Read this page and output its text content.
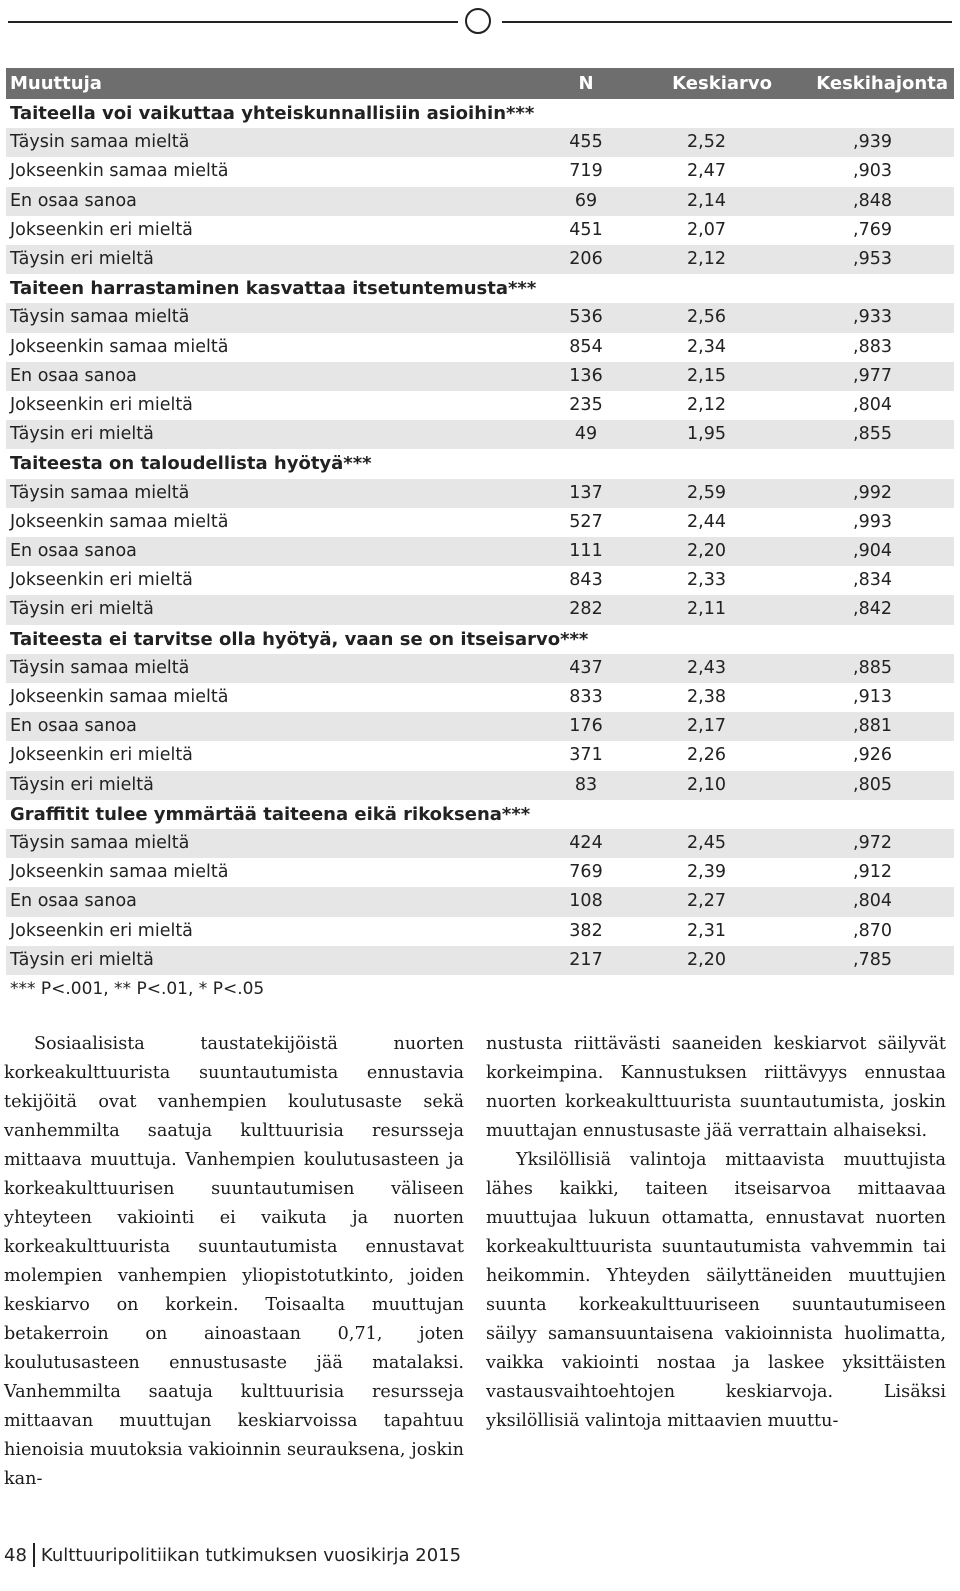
Muuttuja	N	Keskiarvo	Keskihajonta
Taiteella voi vaikuttaa yhteiskunnallisiin asioihin***			
Täysin samaa mieltä	455	2,52	,939
Jokseenkin samaa mieltä	719	2,47	,903
En osaa sanoa	69	2,14	,848
Jokseenkin eri mieltä	451	2,07	,769
Täysin eri mieltä	206	2,12	,953
Taiteen harrastaminen kasvattaa itsetuntemusta***			
Täysin samaa mieltä	536	2,56	,933
Jokseenkin samaa mieltä	854	2,34	,883
En osaa sanoa	136	2,15	,977
Jokseenkin eri mieltä	235	2,12	,804
Täysin eri mieltä	49	1,95	,855
Taiteesta on taloudellista hyötyä***			
Täysin samaa mieltä	137	2,59	,992
Jokseenkin samaa mieltä	527	2,44	,993
En osaa sanoa	111	2,20	,904
Jokseenkin eri mieltä	843	2,33	,834
Täysin eri mieltä	282	2,11	,842
Taiteesta ei tarvitse olla hyötyä, vaan se on itseisarvo***			
Täysin samaa mieltä	437	2,43	,885
Jokseenkin samaa mieltä	833	2,38	,913
En osaa sanoa	176	2,17	,881
Jokseenkin eri mieltä	371	2,26	,926
Täysin eri mieltä	83	2,10	,805
Graffitit tulee ymmärtää taiteena eikä rikoksena***			
Täysin samaa mieltä	424	2,45	,972
Jokseenkin samaa mieltä	769	2,39	,912
En osaa sanoa	108	2,27	,804
Jokseenkin eri mieltä	382	2,31	,870
Täysin eri mieltä	217	2,20	,785
*** P<.001, ** P<.01, * P<.05			

Sosiaalisista taustatekijöistä nuorten korkeakulttuurista suuntautumista ennustavia tekijöitä ovat vanhempien koulutusaste sekä vanhemmilta saatuja kulttuurisia resursseja mittaava muuttuja. Vanhempien koulutusasteen ja korkeakulttuurisen suuntautumisen väliseen yhteyteen vakiointi ei vaikuta ja nuorten korkeakulttuurista suuntautumista ennustavat molempien vanhempien yliopistotutkinto, joiden keskiarvo on korkein. Toisaalta muuttujan betakerroin on ainoastaan 0,71, joten koulutusasteen ennustusaste jää matalaksi. Vanhemmilta saatuja kulttuurisia resursseja mittaavan muuttujan keskiarvoissa tapahtuu hienoisia muutoksia vakioinnin seurauksena, joskin kan-

nustusta riittävästi saaneiden keskiarvot säilyvät korkeimpina. Kannustuksen riittävyys ennustaa nuorten korkeakulttuurista suuntautumista, joskin muuttajan ennustusaste jää verrattain alhaiseksi.

Yksilöllisiä valintoja mittaavista muuttujista lähes kaikki, taiteen itseisarvoa mittaavaa muuttujaa lukuun ottamatta, ennustavat nuorten korkeakulttuurista suuntautumista vahvemmin tai heikommin. Yhteyden säilyttäneiden muuttujien suunta korkeakulttuuriseen suuntautumiseen säilyy samansuuntaisena vakioinnista huolimatta, vaikka vakiointi nostaa ja laskee yksittäisten vastausvaihtoehtojen keskiarvoja. Lisäksi yksilöllisiä valintoja mittaavien muuttu-

48 Kulttuuripolitiikan tutkimuksen vuosikirja 2015
